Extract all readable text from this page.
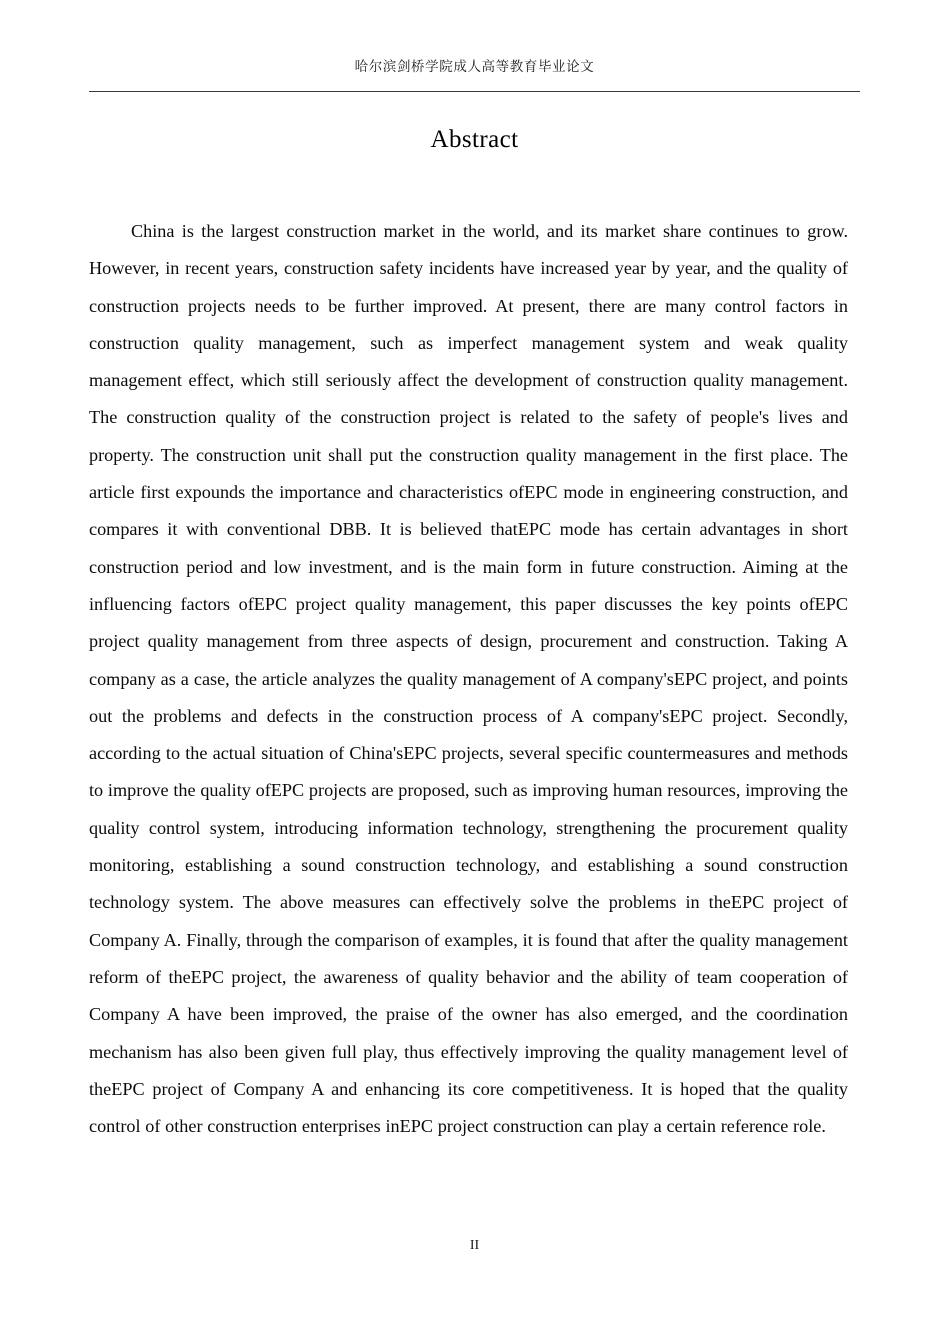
哈尔滨剑桥学院成人高等教育毕业论文
Abstract

China is the largest construction market in the world, and its market share continues to grow. However, in recent years, construction safety incidents have increased year by year, and the quality of construction projects needs to be further improved. At present, there are many control factors in construction quality management, such as imperfect management system and weak quality management effect, which still seriously affect the development of construction quality management. The construction quality of the construction project is related to the safety of people's lives and property. The construction unit shall put the construction quality management in the first place. The article first expounds the importance and characteristics ofEPC mode in engineering construction, and compares it with conventional DBB. It is believed thatEPC mode has certain advantages in short construction period and low investment, and is the main form in future construction. Aiming at the influencing factors ofEPC project quality management, this paper discusses the key points ofEPC project quality management from three aspects of design, procurement and construction. Taking A company as a case, the article analyzes the quality management of A company'sEPC project, and points out the problems and defects in the construction process of A company'sEPC project. Secondly, according to the actual situation of China'sEPC projects, several specific countermeasures and methods to improve the quality ofEPC projects are proposed, such as improving human resources, improving the quality control system, introducing information technology, strengthening the procurement quality monitoring, establishing a sound construction technology, and establishing a sound construction technology system. The above measures can effectively solve the problems in theEPC project of Company A. Finally, through the comparison of examples, it is found that after the quality management reform of theEPC project, the awareness of quality behavior and the ability of team cooperation of Company A have been improved, the praise of the owner has also emerged, and the coordination mechanism has also been given full play, thus effectively improving the quality management level of theEPC project of Company A and enhancing its core competitiveness. It is hoped that the quality control of other construction enterprises inEPC project construction can play a certain reference role.

II
